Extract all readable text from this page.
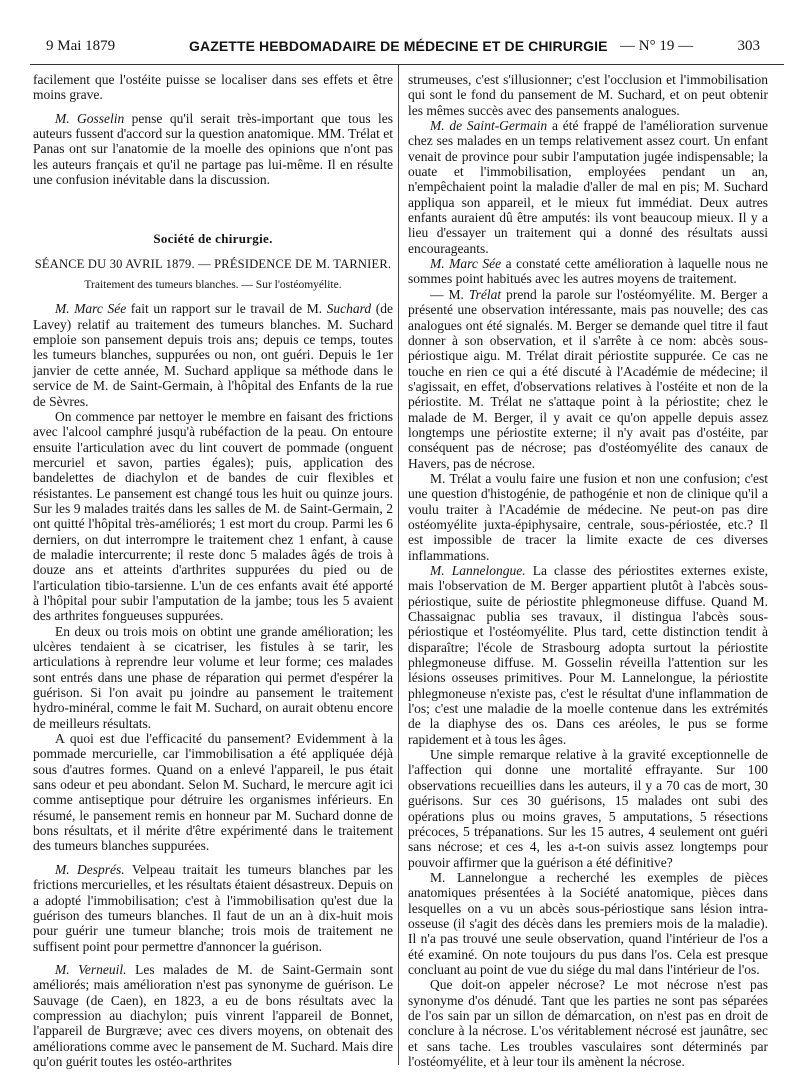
9 Mai 1879	GAZETTE HEBDOMADAIRE DE MÉDECINE ET DE CHIRURGIE — N° 19 —	303

facilement que l'ostéite puisse se localiser dans ses effets et être moins grave.

M. Gosselin pense qu'il serait très-important que tous les auteurs fussent d'accord sur la question anatomique. MM. Trélat et Panas ont sur l'anatomie de la moelle des opinions que n'ont pas les auteurs français et qu'il ne partage pas lui-même. Il en résulte une confusion inévitable dans la discussion.

Société de chirurgie.
SÉANCE DU 30 AVRIL 1879. — PRÉSIDENCE DE M. TARNIER.
Traitement des tumeurs blanches. — Sur l'ostéomyélite.

M. Marc Sée fait un rapport sur le travail de M. Suchard (de Lavey) relatif au traitement des tumeurs blanches. M. Suchard emploie son pansement depuis trois ans; depuis ce temps, toutes les tumeurs blanches, suppurées ou non, ont guéri. Depuis le 1er janvier de cette année, M. Suchard applique sa méthode dans le service de M. de Saint-Germain, à l'hôpital des Enfants de la rue de Sèvres.

On commence par nettoyer le membre en faisant des frictions avec l'alcool camphré jusqu'à rubéfaction de la peau. On entoure ensuite l'articulation avec du lint couvert de pommade (onguent mercuriel et savon, parties égales); puis, application des bandelettes de diachylon et de bandes de cuir flexibles et résistantes. Le pansement est changé tous les huit ou quinze jours. Sur les 9 malades traités dans les salles de M. de Saint-Germain, 2 ont quitté l'hôpital très-améliorés; 1 est mort du croup. Parmi les 6 derniers, on dut interrompre le traitement chez 1 enfant, à cause de maladie intercurrente; il reste donc 5 malades âgés de trois à douze ans et atteints d'arthrites suppurées du pied ou de l'articulation tibio-tarsienne. L'un de ces enfants avait été apporté à l'hôpital pour subir l'amputation de la jambe; tous les 5 avaient des arthrites fongueuses suppurées.

En deux ou trois mois on obtint une grande amélioration; les ulcères tendaient à se cicatriser, les fistules à se tarir, les articulations à reprendre leur volume et leur forme; ces malades sont entrés dans une phase de réparation qui permet d'espérer la guérison. Si l'on avait pu joindre au pansement le traitement hydro-minéral, comme le fait M. Suchard, on aurait obtenu encore de meilleurs résultats.

A quoi est due l'efficacité du pansement? Evidemment à la pommade mercurielle, car l'immobilisation a été appliquée déjà sous d'autres formes. Quand on a enlevé l'appareil, le pus était sans odeur et peu abondant. Selon M. Suchard, le mercure agit ici comme antiseptique pour détruire les organismes inférieurs. En résumé, le pansement remis en honneur par M. Suchard donne de bons résultats, et il mérite d'être expérimenté dans le traitement des tumeurs blanches suppurées.

M. Després. Velpeau traitait les tumeurs blanches par les frictions mercurielles, et les résultats étaient désastreux. Depuis on a adopté l'immobilisation; c'est à l'immobilisation qu'est due la guérison des tumeurs blanches. Il faut de un an à dix-huit mois pour guérir une tumeur blanche; trois mois de traitement ne suffisent point pour permettre d'annoncer la guérison.

M. Verneuil. Les malades de M. de Saint-Germain sont améliorés; mais amélioration n'est pas synonyme de guérison. Le Sauvage (de Caen), en 1823, a eu de bons résultats avec la compression au diachylon; puis vinrent l'appareil de Bonnet, l'appareil de Burgræve; avec ces divers moyens, on obtenait des améliorations comme avec le pansement de M. Suchard. Mais dire qu'on guérit toutes les ostéo-arthrites

strumeuses, c'est s'illusionner; c'est l'occlusion et l'immobilisation qui sont le fond du pansement de M. Suchard, et on peut obtenir les mêmes succès avec des pansements analogues.

M. de Saint-Germain a été frappé de l'amélioration survenue chez ses malades en un temps relativement assez court. Un enfant venait de province pour subir l'amputation jugée indispensable; la ouate et l'immobilisation, employées pendant un an, n'empêchaient point la maladie d'aller de mal en pis; M. Suchard appliqua son appareil, et le mieux fut immédiat. Deux autres enfants auraient dû être amputés: ils vont beaucoup mieux. Il y a lieu d'essayer un traitement qui a donné des résultats aussi encourageants.

M. Marc Sée a constaté cette amélioration à laquelle nous ne sommes point habitués avec les autres moyens de traitement.

— M. Trélat prend la parole sur l'ostéomyélite. M. Berger a présenté une observation intéressante, mais pas nouvelle; des cas analogues ont été signalés. M. Berger se demande quel titre il faut donner à son observation, et il s'arrête à ce nom: abcès sous-périostique aigu. M. Trélat dirait périostite suppurée. Ce cas ne touche en rien ce qui a été discuté à l'Académie de médecine; il s'agissait, en effet, d'observations relatives à l'ostéite et non de la périostite. M. Trélat ne s'attaque point à la périostite; chez le malade de M. Berger, il y avait ce qu'on appelle depuis assez longtemps une périostite externe; il n'y avait pas d'ostéite, par conséquent pas de nécrose; pas d'ostéomyélite des canaux de Havers, pas de nécrose.

M. Trélat a voulu faire une fusion et non une confusion; c'est une question d'histogénie, de pathogénie et non de clinique qu'il a voulu traiter à l'Académie de médecine. Ne peut-on pas dire ostéomyélite juxta-épiphysaire, centrale, sous-périostée, etc.? Il est impossible de tracer la limite exacte de ces diverses inflammations.

M. Lannelongue. La classe des périostites externes existe, mais l'observation de M. Berger appartient plutôt à l'abcès sous-périostique, suite de périostite phlegmoneuse diffuse. Quand M. Chassaignac publia ses travaux, il distingua l'abcès sous-périostique et l'ostéomyélite. Plus tard, cette distinction tendit à disparaître; l'école de Strasbourg adopta surtout la périostite phlegmoneuse diffuse. M. Gosselin réveilla l'attention sur les lésions osseuses primitives. Pour M. Lannelongue, la périostite phlegmoneuse n'existe pas, c'est le résultat d'une inflammation de l'os; c'est une maladie de la moelle contenue dans les extrémités de la diaphyse des os. Dans ces aréoles, le pus se forme rapidement et à tous les âges.

Une simple remarque relative à la gravité exceptionnelle de l'affection qui donne une mortalité effrayante. Sur 100 observations recueillies dans les auteurs, il y a 70 cas de mort, 30 guérisons. Sur ces 30 guérisons, 15 malades ont subi des opérations plus ou moins graves, 5 amputations, 5 résections précoces, 5 trépanations. Sur les 15 autres, 4 seulement ont guéri sans nécrose; et ces 4, les a-t-on suivis assez longtemps pour pouvoir affirmer que la guérison a été définitive?

M. Lannelongue a recherché les exemples de pièces anatomiques présentées à la Société anatomique, pièces dans lesquelles on a vu un abcès sous-périostique sans lésion intra-osseuse (il s'agit des décès dans les premiers mois de la maladie). Il n'a pas trouvé une seule observation, quand l'intérieur de l'os a été examiné. On note toujours du pus dans l'os. Cela est presque concluant au point de vue du siége du mal dans l'intérieur de l'os.

Que doit-on appeler nécrose? Le mot nécrose n'est pas synonyme d'os dénudé. Tant que les parties ne sont pas séparées de l'os sain par un sillon de démarcation, on n'est pas en droit de conclure à la nécrose. L'os véritablement nécrosé est jaunâtre, sec et sans tache. Les troubles vasculaires sont déterminés par l'ostéomyélite, et à leur tour ils amènent la nécrose.
